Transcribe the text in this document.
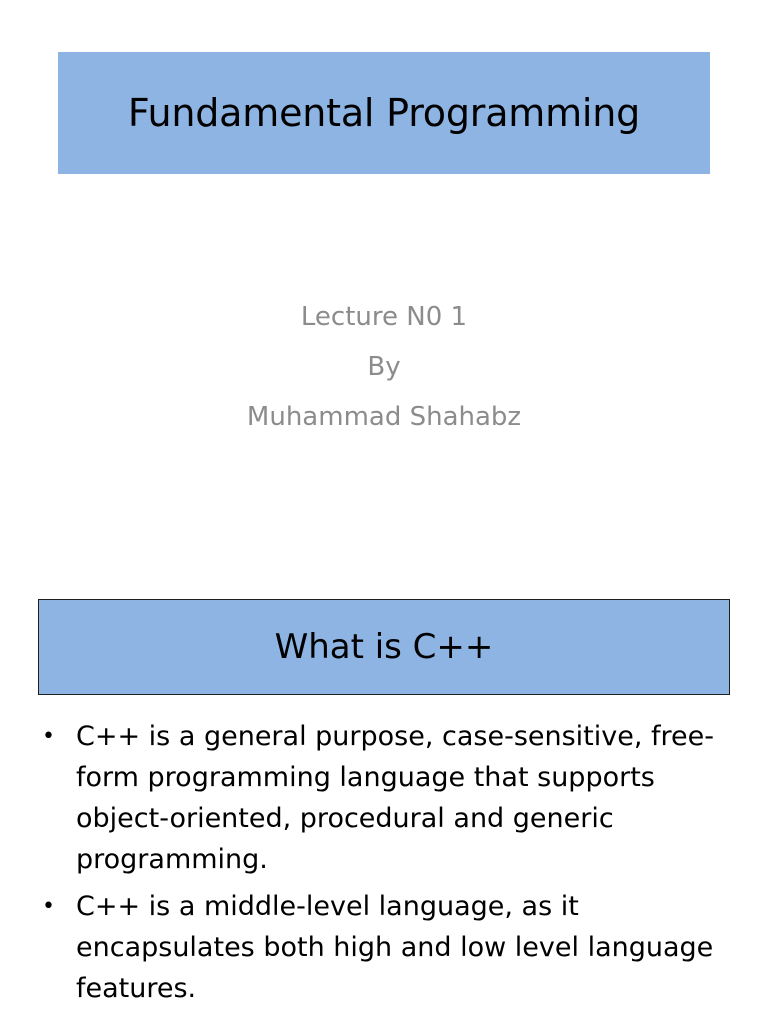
Fundamental Programming
Lecture N0 1
By
Muhammad Shahabz
What is C++
• C++ is a general purpose, case-sensitive, free-form programming language that supports object-oriented, procedural and generic programming.
• C++ is a middle-level language, as it encapsulates both high and low level language features.
